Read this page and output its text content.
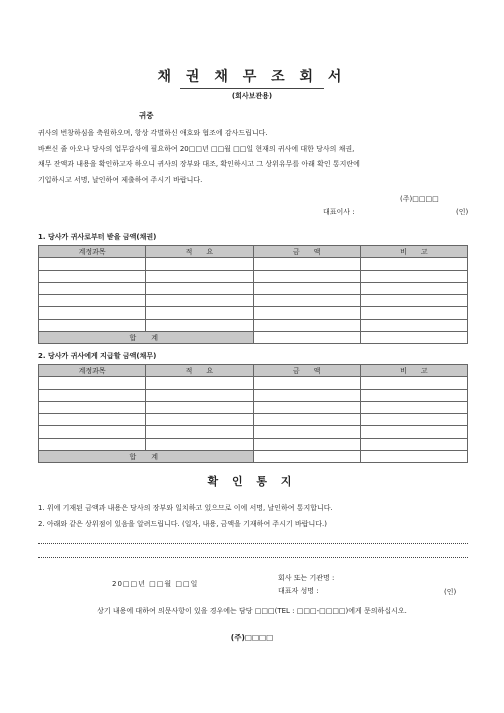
채 권 채 무 조 회 서
(회사보관용)
귀중
귀사의 번창하심을 축원하오며, 항상 각별하신 애호와 협조에 감사드립니다.
바쁘신 줄 아오나 당사의 업무감사에 필요하여 20□□년 □□월 □□일 현재의 귀사에 대한 당사의 채권,
채무 잔액과 내용을 확인하고자 하오니 귀사의 장부와 대조, 확인하시고 그 상위유무를 아래 확인 통지란에
기입하시고 서명, 날인하여 제출하여 주시기 바랍니다.
(주)□□□□
대표이사 :	(인)
1. 당사가 귀사로부터 받을 금액(채권)
계정과목	적　　요	금　　액	비　　고

합　계			
2. 당사가 귀사에게 지급할 금액(채무)
계정과목	적　　요	금　　액	비　　고

합　계			
확 인 통 지
1. 위에 기재된 금액과 내용은 당사의 장부와 일치하고 있으므로 이에 서명, 날인하여 통지합니다.
2. 아래와 같은 상위점이 있음을 알려드립니다. (일자, 내용, 금액을 기재하여 주시기 바랍니다.)
20□□년 □□월 □□일
회사 또는 기관명 :
대표자 성명 :	(인)
상기 내용에 대하여 의문사항이 있을 경우에는 담당 □□□(TEL : □□□-□□□□)에게 문의하십시오.
(주)□□□□
